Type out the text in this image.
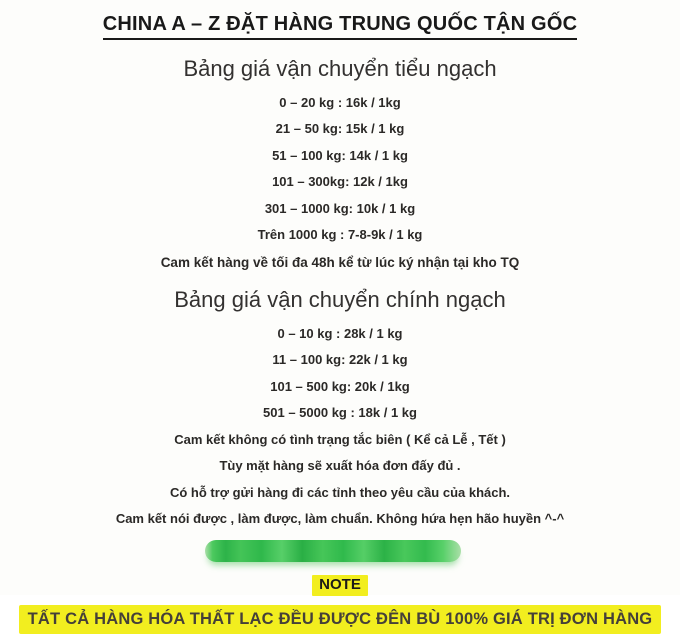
CHINA A – Z ĐẶT HÀNG TRUNG QUỐC TẬN GỐC
Bảng giá vận chuyển tiểu ngạch
0 – 20 kg : 16k / 1kg
21 – 50 kg: 15k / 1 kg
51 – 100 kg: 14k / 1 kg
101 – 300kg: 12k / 1kg
301 – 1000 kg: 10k / 1 kg
Trên 1000 kg : 7-8-9k / 1 kg
Cam kết hàng về tối đa 48h kể từ lúc ký nhận tại kho TQ
Bảng giá vận chuyển chính ngạch
0 – 10 kg : 28k / 1 kg
11 – 100 kg: 22k / 1 kg
101 – 500 kg: 20k / 1kg
501 – 5000 kg : 18k / 1 kg
Cam kết không có tình trạng tắc biên ( Kể cả Lễ , Tết )
Tùy mặt hàng sẽ xuất hóa đơn đấy đủ .
Có hỗ trợ gửi hàng đi các tỉnh theo yêu cầu của khách.
Cam kết nói được , làm được, làm chuẩn. Không hứa hẹn hão huyền ^-^
NOTE
TẤT CẢ HÀNG HÓA THẤT LẠC ĐỀU ĐƯỢC ĐÊN BÙ 100% GIÁ TRỊ ĐƠN HÀNG
